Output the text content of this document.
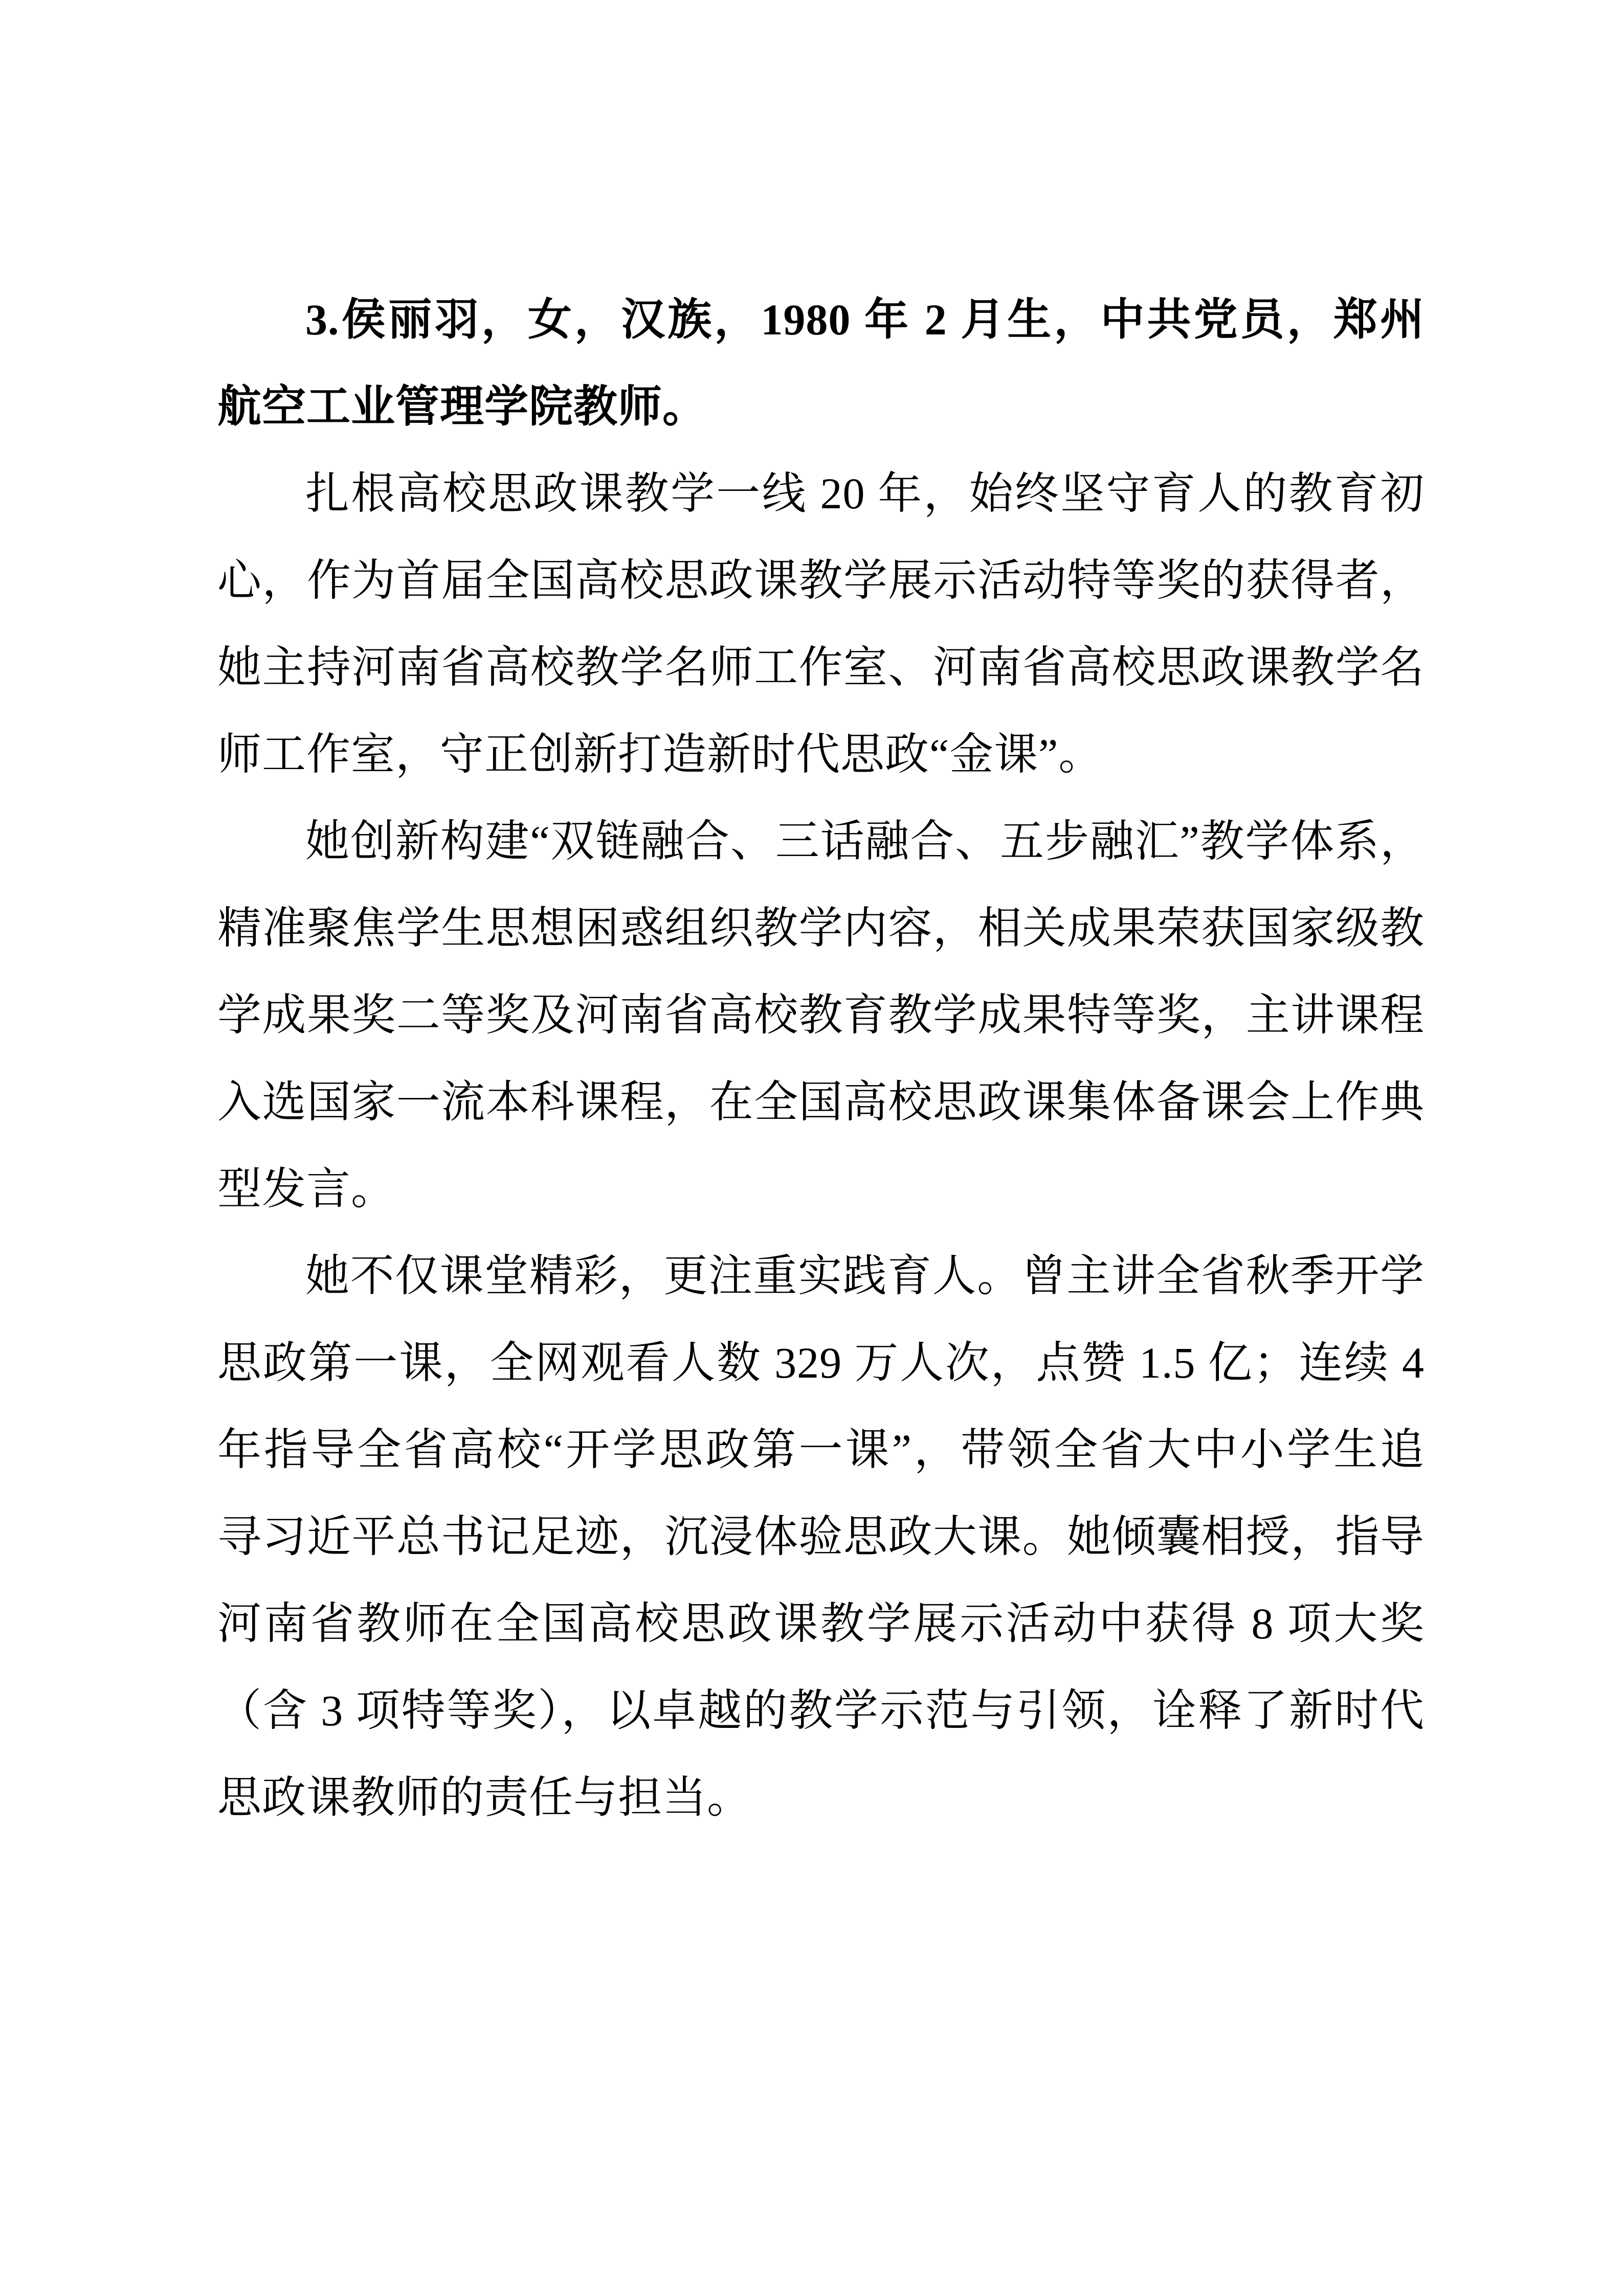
3.侯丽羽，女，汉族，1980 年 2 月生，中共党员，郑州
航空工业管理学院教师。
扎根高校思政课教学一线 20 年，始终坚守育人的教育初
心，作为首届全国高校思政课教学展示活动特等奖的获得者，
她主持河南省高校教学名师工作室、河南省高校思政课教学名
师工作室，守正创新打造新时代思政“金课”。
她创新构建“双链融合、三话融合、五步融汇”教学体系，
精准聚焦学生思想困惑组织教学内容，相关成果荣获国家级教
学成果奖二等奖及河南省高校教育教学成果特等奖，主讲课程
入选国家一流本科课程，在全国高校思政课集体备课会上作典
型发言。
她不仅课堂精彩，更注重实践育人。曾主讲全省秋季开学
思政第一课，全网观看人数 329 万人次，点赞 1.5 亿；连续 4
年指导全省高校“开学思政第一课”，带领全省大中小学生追
寻习近平总书记足迹，沉浸体验思政大课。她倾囊相授，指导
河南省教师在全国高校思政课教学展示活动中获得 8 项大奖
（含 3 项特等奖），以卓越的教学示范与引领，诠释了新时代
思政课教师的责任与担当。
